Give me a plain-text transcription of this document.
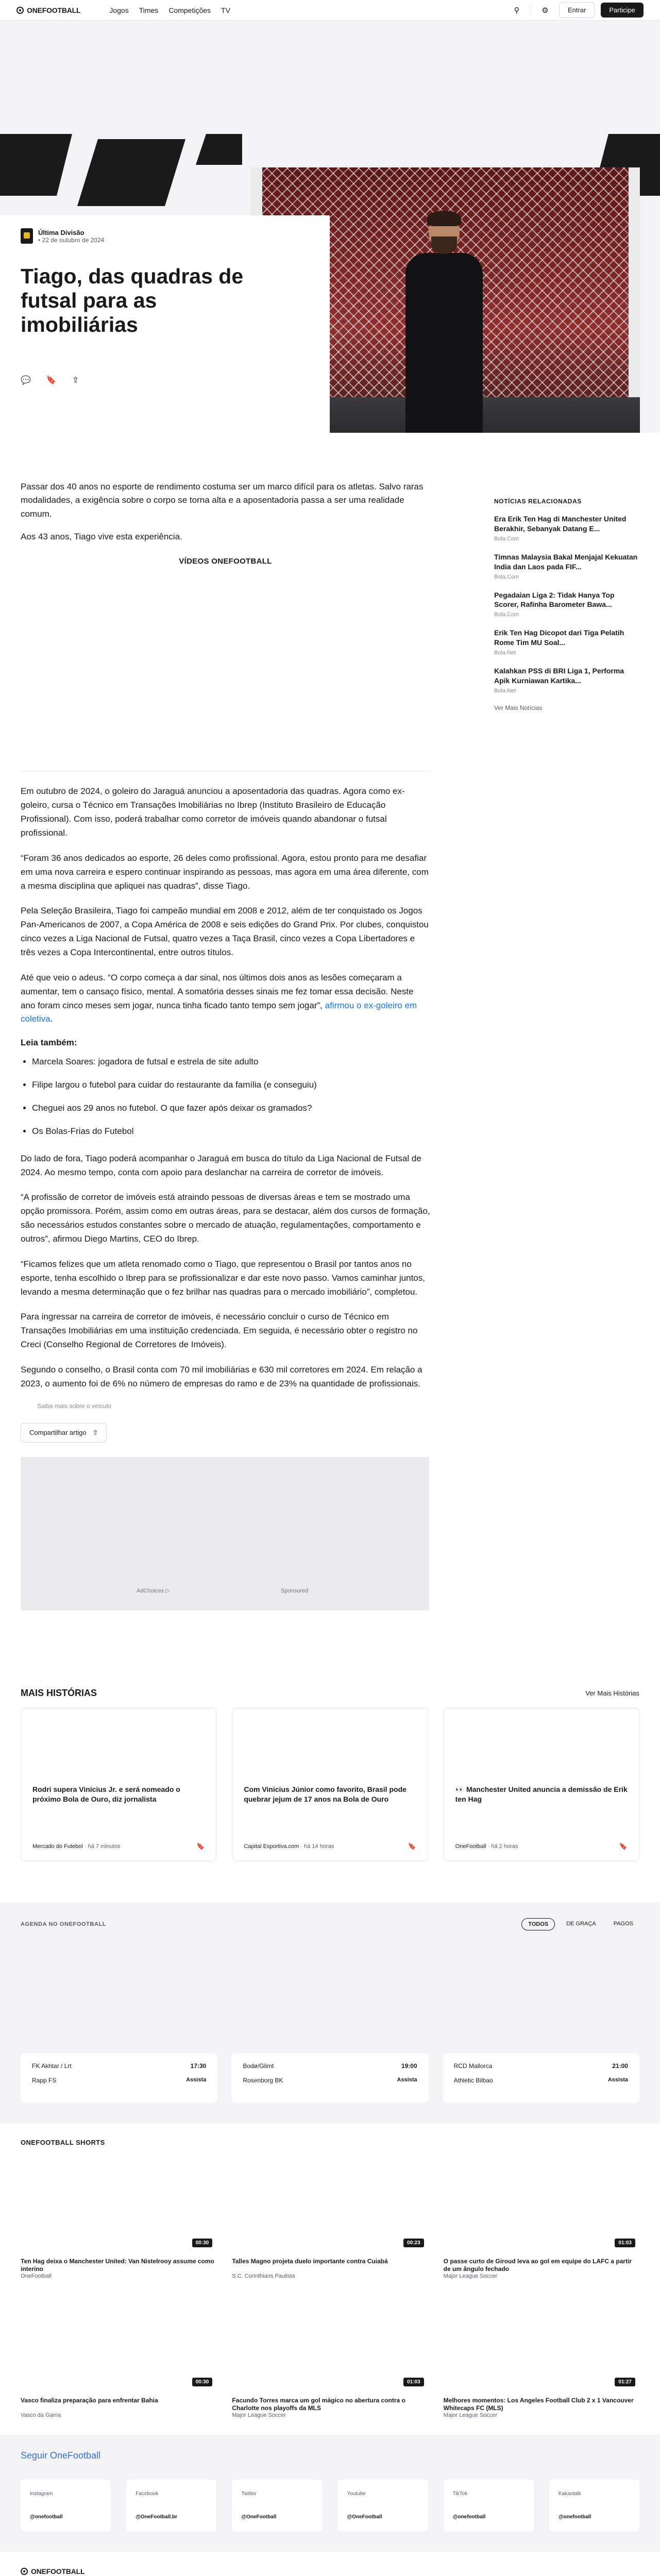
ONEFOOTBALL	Jogos Times Competições TV	⚲	⚙	Entrar	Participe
Última Divisão
• 22 de outubro de 2024
Tiago, das quadras de futsal para as imobiliárias
💬 🔖 ⇧

Passar dos 40 anos no esporte de rendimento costuma ser um marco difícil para os atletas. Salvo raras modalidades, a exigência sobre o corpo se torna alta e a aposentadoria passa a ser uma realidade comum.

Aos 43 anos, Tiago vive esta experiência.

VÍDEOS ONEFOOTBALL

Em outubro de 2024, o goleiro do Jaraguá anunciou a aposentadoria das quadras. Agora como ex-goleiro, cursa o Técnico em Transações Imobiliárias no Ibrep (Instituto Brasileiro de Educação Profissional). Com isso, poderá trabalhar como corretor de imóveis quando abandonar o futsal profissional.

“Foram 36 anos dedicados ao esporte, 26 deles como profissional. Agora, estou pronto para me desafiar em uma nova carreira e espero continuar inspirando as pessoas, mas agora em uma área diferente, com a mesma disciplina que apliquei nas quadras”, disse Tiago.

Pela Seleção Brasileira, Tiago foi campeão mundial em 2008 e 2012, além de ter conquistado os Jogos Pan-Americanos de 2007, a Copa América de 2008 e seis edições do Grand Prix. Por clubes, conquistou cinco vezes a Liga Nacional de Futsal, quatro vezes a Taça Brasil, cinco vezes a Copa Libertadores e três vezes a Copa Intercontinental, entre outros títulos.

Até que veio o adeus. “O corpo começa a dar sinal, nos últimos dois anos as lesões começaram a aumentar, tem o cansaço físico, mental. A somatória desses sinais me fez tomar essa decisão. Neste ano foram cinco meses sem jogar, nunca tinha ficado tanto tempo sem jogar”, afirmou o ex-goleiro em coletiva.

Leia também:
• Marcela Soares: jogadora de futsal e estrela de site adulto
• Filipe largou o futebol para cuidar do restaurante da família (e conseguiu)
• Cheguei aos 29 anos no futebol. O que fazer após deixar os gramados?
• Os Bolas-Frias do Futebol

Do lado de fora, Tiago poderá acompanhar o Jaraguá em busca do título da Liga Nacional de Futsal de 2024. Ao mesmo tempo, conta com apoio para deslanchar na carreira de corretor de imóveis.

“A profissão de corretor de imóveis está atraindo pessoas de diversas áreas e tem se mostrado uma opção promissora. Porém, assim como em outras áreas, para se destacar, além dos cursos de formação, são necessários estudos constantes sobre o mercado de atuação, regulamentações, comportamento e outros”, afirmou Diego Martins, CEO do Ibrep.

“Ficamos felizes que um atleta renomado como o Tiago, que representou o Brasil por tantos anos no esporte, tenha escolhido o Ibrep para se profissionalizar e dar este novo passo. Vamos caminhar juntos, levando a mesma determinação que o fez brilhar nas quadras para o mercado imobiliário”, completou.

Para ingressar na carreira de corretor de imóveis, é necessário concluir o curso de Técnico em Transações Imobiliárias em uma instituição credenciada. Em seguida, é necessário obter o registro no Creci (Conselho Regional de Corretores de Imóveis).

Segundo o conselho, o Brasil conta com 70 mil imobiliárias e 630 mil corretores em 2024. Em relação a 2023, o aumento foi de 6% no número de empresas do ramo e de 23% na quantidade de profissionais.

Saiba mais sobre o veículo
Compartilhar artigo ⇧
AdChoices ▷	Sponsored
NOTÍCIAS RELACIONADAS
Era Erik Ten Hag di Manchester United Berakhir, Sebanyak Datang E...
Bola.Com
Timnas Malaysia Bakal Menjajal Kekuatan India dan Laos pada FIF...
Bola.Com
Pegadaian Liga 2: Tidak Hanya Top Scorer, Rafinha Barometer Bawa...
Bola.Com
Erik Ten Hag Dicopot dari Tiga Pelatih Rome Tim MU Soal...
Bola.Net
Kalahkan PSS di BRI Liga 1, Performa Apik Kurniawan Kartika...
Bola.Net
Ver Mais Notícias
MAIS HISTÓRIAS	Ver Mais Histórias
Rodri supera Vinicius Jr. e será nomeado o próximo Bola de Ouro, diz jornalista
Mercado do Futebol · há 7 minutos	🔖
Com Vinicius Júnior como favorito, Brasil pode quebrar jejum de 17 anos na Bola de Ouro
Capital Esportiva.com · há 14 horas	🔖
👀 Manchester United anuncia a demissão de Erik ten Hag
OneFootball · há 2 horas	🔖
AGENDA NO ONEFOOTBALL	TODOS	DE GRAÇA	PAGOS
FK Akhtar / Lrt	17:30
Rapp FS	Assista
Bodø/Glimt	19:00
Rosenborg BK	Assista
RCD Mallorca	21:00
Athletic Bilbao	Assista
ONEFOOTBALL SHORTS
00:30
Ten Hag deixa o Manchester United: Van Nistelrooy assume como interino
OneFootball
00:23
Talles Magno projeta duelo importante contra Cuiabá
S.C. Corinthians Paulista
01:03
O passe curto de Giroud leva ao gol em equipe do LAFC a partir de um ângulo fechado
Major League Soccer
00:30
Vasco finaliza preparação para enfrentar Bahia
Vasco da Gama
01:03
Facundo Torres marca um gol mágico no abertura contra o Charlotte nos playoffs da MLS
Major League Soccer
01:27
Melhores momentos: Los Angeles Football Club 2 x 1 Vancouver Whitecaps FC (MLS)
Major League Soccer
Seguir OneFootball
Instagram
@onefootball
Facebook
@OneFootball.br
Twitter
@OneFootball
Youtube
@OneFootball
TikTok
@onefootball
Kakaotalk
@onefootball
ONEFOOTBALL
